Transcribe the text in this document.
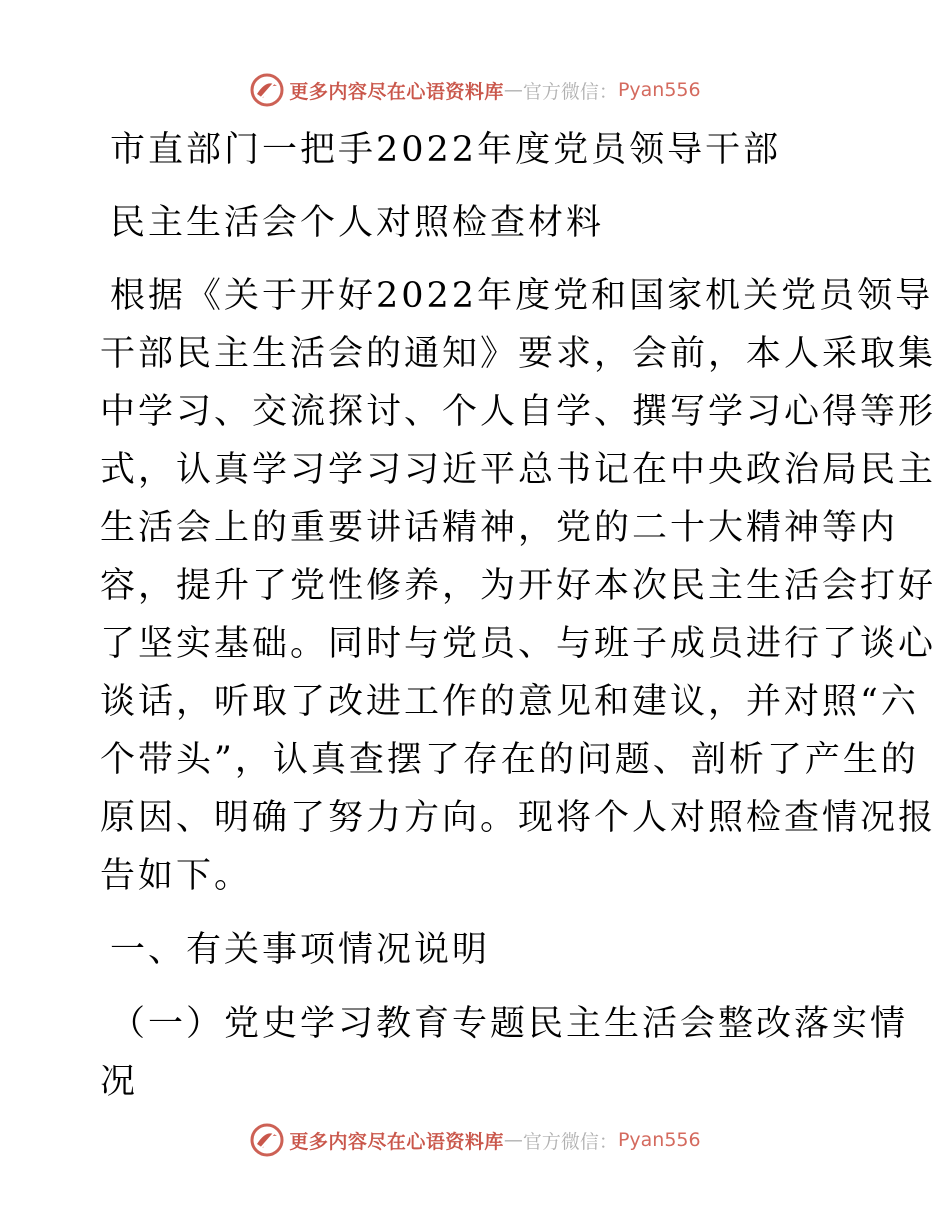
更多内容尽在心语资料库 — 官方微信： Pyan556
市直部门一把手2022年度党员领导干部
民主生活会个人对照检查材料
根据《关于开好2022年度党和国家机关党员领导
干部民主生活会的通知》要求，会前，本人采取集
中学习、交流探讨、个人自学、撰写学习心得等形
式，认真学习学习习近平总书记在中央政治局民主
生活会上的重要讲话精神，党的二十大精神等内
容，提升了党性修养，为开好本次民主生活会打好
了坚实基础。同时与党员、与班子成员进行了谈心
谈话，听取了改进工作的意见和建议，并对照“六
个带头”，认真查摆了存在的问题、剖析了产生的
原因、明确了努力方向。现将个人对照检查情况报
告如下。
一、有关事项情况说明
（一）党史学习教育专题民主生活会整改落实情
况
更多内容尽在心语资料库 — 官方微信： Pyan556
